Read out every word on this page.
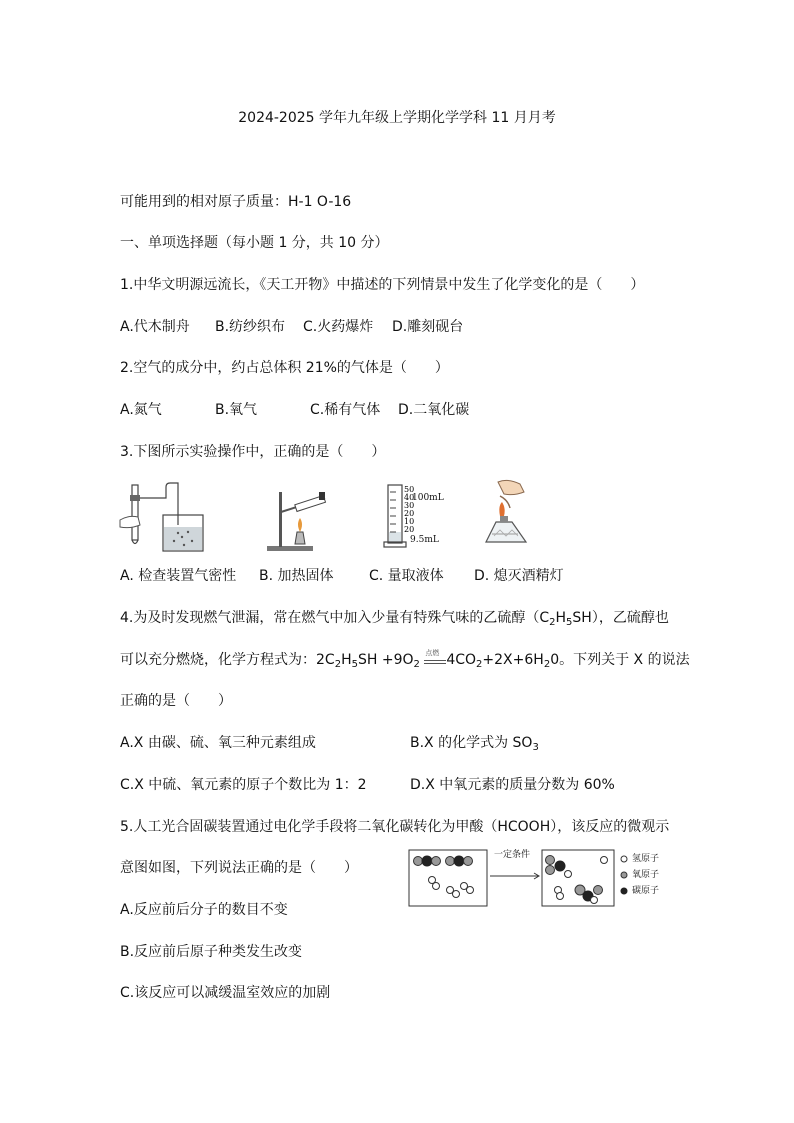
2024-2025 学年九年级上学期化学学科 11 月月考
可能用到的相对原子质量：H-1 O-16
一、单项选择题（每小题 1 分，共 10 分）
1.中华文明源远流长，《天工开物》中描述的下列情景中发生了化学变化的是（　　）
A.代木制舟 B.纺纱织布 C.火药爆炸 D.雕刻砚台
2.空气的成分中，约占总体积 21%的气体是（　　）
A.氮气	B.氧气	C.稀有气体 D.二氧化碳
3.下图所示实验操作中，正确的是（　　）
50
40
30
20
10
20
100mL
9.5mL
A. 检查装置气密性 B. 加热固体	C. 量取液体 D. 熄灭酒精灯
4.为及时发现燃气泄漏，常在燃气中加入少量有特殊气味的乙硫醇$(C_2H_5SH)$，乙硫醇也
可以充分燃烧，化学方程式为：$2C_2H_5SH +9O_2$
点燃 $4CO_2+2X+6H_20$。下列关于 X 的说法
正确的是（　　）
A.X 由碳、硫、氧三种元素组成	B.X 的化学式为 $SO_3$
C.X 中硫、氧元素的原子个数比为 1：2	D.X 中氧元素的质量分数为 60%
5.人工光合固碳装置通过电化学手段将二氧化碳转化为甲酸（HCOOH），该反应的微观示
意图如图，下列说法正确的是（　　）
一定条件	氢原子
氧原子
碳原子
A.反应前后分子的数目不变
B.反应前后原子种类发生改变
C.该反应可以减缓温室效应的加剧
